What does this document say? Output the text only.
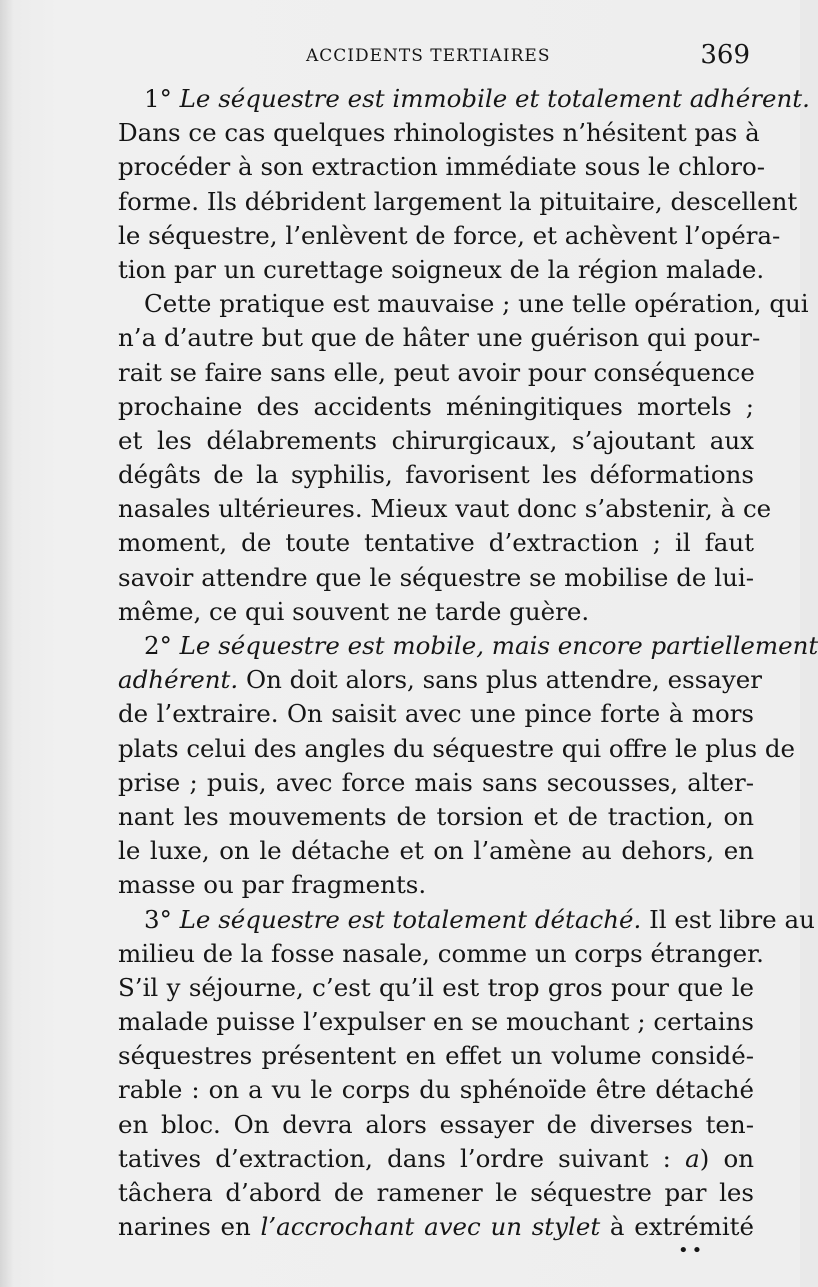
ACCIDENTS TERTIAIRES	369
1° Le séquestre est immobile et totalement adhérent.
Dans ce cas quelques rhinologistes n’hésitent pas à
procéder à son extraction immédiate sous le chloro-
forme. Ils débrident largement la pituitaire, descellent
le séquestre, l’enlèvent de force, et achèvent l’opéra-
tion par un curettage soigneux de la région malade.
Cette pratique est mauvaise ; une telle opération, qui
n’a d’autre but que de hâter une guérison qui pour-
rait se faire sans elle, peut avoir pour conséquence
prochaine des accidents méningitiques mortels ;
et les délabrements chirurgicaux, s’ajoutant aux
dégâts de la syphilis, favorisent les déformations
nasales ultérieures. Mieux vaut donc s’abstenir, à ce
moment, de toute tentative d’extraction ; il faut
savoir attendre que le séquestre se mobilise de lui-
même, ce qui souvent ne tarde guère.
2° Le séquestre est mobile, mais encore partiellement
adhérent. On doit alors, sans plus attendre, essayer
de l’extraire. On saisit avec une pince forte à mors
plats celui des angles du séquestre qui offre le plus de
prise ; puis, avec force mais sans secousses, alter-
nant les mouvements de torsion et de traction, on
le luxe, on le détache et on l’amène au dehors, en
masse ou par fragments.
3° Le séquestre est totalement détaché. Il est libre au
milieu de la fosse nasale, comme un corps étranger.
S’il y séjourne, c’est qu’il est trop gros pour que le
malade puisse l’expulser en se mouchant ; certains
séquestres présentent en effet un volume considé-
rable : on a vu le corps du sphénoïde être détaché
en bloc. On devra alors essayer de diverses ten-
tatives d’extraction, dans l’ordre suivant : a) on
tâchera d’abord de ramener le séquestre par les
narines en l’accrochant avec un stylet à extrémité
••
